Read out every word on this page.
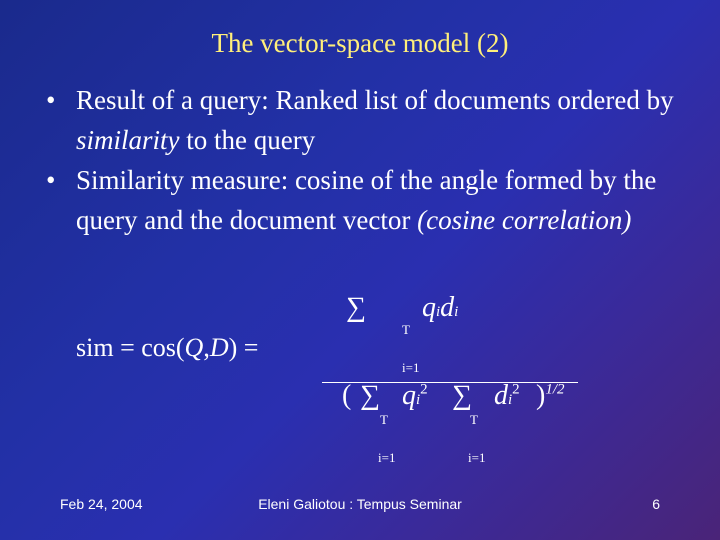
The vector-space model (2)
• Result of a query: Ranked list of documents ordered by similarity to the query
• Similarity measure: cosine of the angle formed by the query and the document vector (cosine correlation)
sim = cos(Q,D) =
∑ qidi
T
i=1
( ∑ $qi^2$
T
i=1
∑ $di^2$
T
i=1
)$^{1/2}$
Feb 24, 2004	Eleni Galiotou : Tempus Seminar	6
